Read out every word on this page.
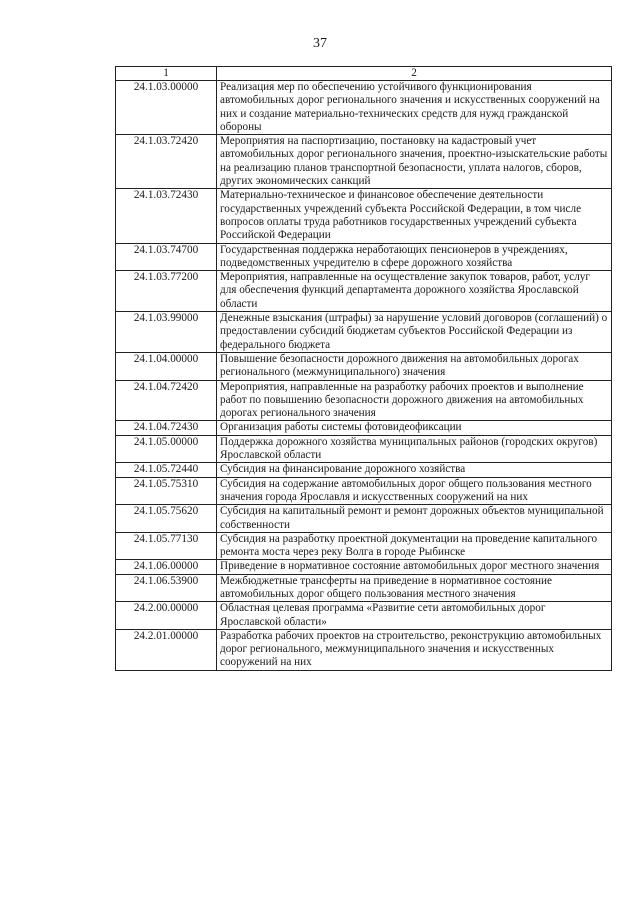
37
1	2
24.1.03.00000	Реализация мер по обеспечению устойчивого функционирования автомобильных дорог регионального значения и искусственных сооружений на них и создание материально-технических средств для нужд гражданской обороны
24.1.03.72420	Мероприятия на паспортизацию, постановку на кадастровый учет автомобильных дорог регионального значения, проектно-изыскательские работы на реализацию планов транспортной безопасности, уплата налогов, сборов, других экономических санкций
24.1.03.72430	Материально-техническое и финансовое обеспечение деятельности государственных учреждений субъекта Российской Федерации, в том числе вопросов оплаты труда работников государственных учреждений субъекта Российской Федерации
24.1.03.74700	Государственная поддержка неработающих пенсионеров в учреждениях, подведомственных учредителю в сфере дорожного хозяйства
24.1.03.77200	Мероприятия, направленные на осуществление закупок товаров, работ, услуг для обеспечения функций департамента дорожного хозяйства Ярославской области
24.1.03.99000	Денежные взыскания (штрафы) за нарушение условий договоров (соглашений) о предоставлении субсидий бюджетам субъектов Российской Федерации из федерального бюджета
24.1.04.00000	Повышение безопасности дорожного движения на автомобильных дорогах регионального (межмуниципального) значения
24.1.04.72420	Мероприятия, направленные на разработку рабочих проектов и выполнение работ по повышению безопасности дорожного движения на автомобильных дорогах регионального значения
24.1.04.72430	Организация работы системы фотовидеофиксации
24.1.05.00000	Поддержка дорожного хозяйства муниципальных районов (городских округов) Ярославской области
24.1.05.72440	Субсидия на финансирование дорожного хозяйства
24.1.05.75310	Субсидия на содержание автомобильных дорог общего пользования местного значения города Ярославля и искусственных сооружений на них
24.1.05.75620	Субсидия на капитальный ремонт и ремонт дорожных объектов муниципальной собственности
24.1.05.77130	Субсидия на разработку проектной документации на проведение капитального ремонта моста через реку Волга в городе Рыбинске
24.1.06.00000	Приведение в нормативное состояние автомобильных дорог местного значения
24.1.06.53900	Межбюджетные трансферты на приведение в нормативное состояние автомобильных дорог общего пользования местного значения
24.2.00.00000	Областная целевая программа «Развитие сети автомобильных дорог Ярославской области»
24.2.01.00000	Разработка рабочих проектов на строительство, реконструкцию автомобильных дорог регионального, межмуниципального значения и искусственных сооружений на них
